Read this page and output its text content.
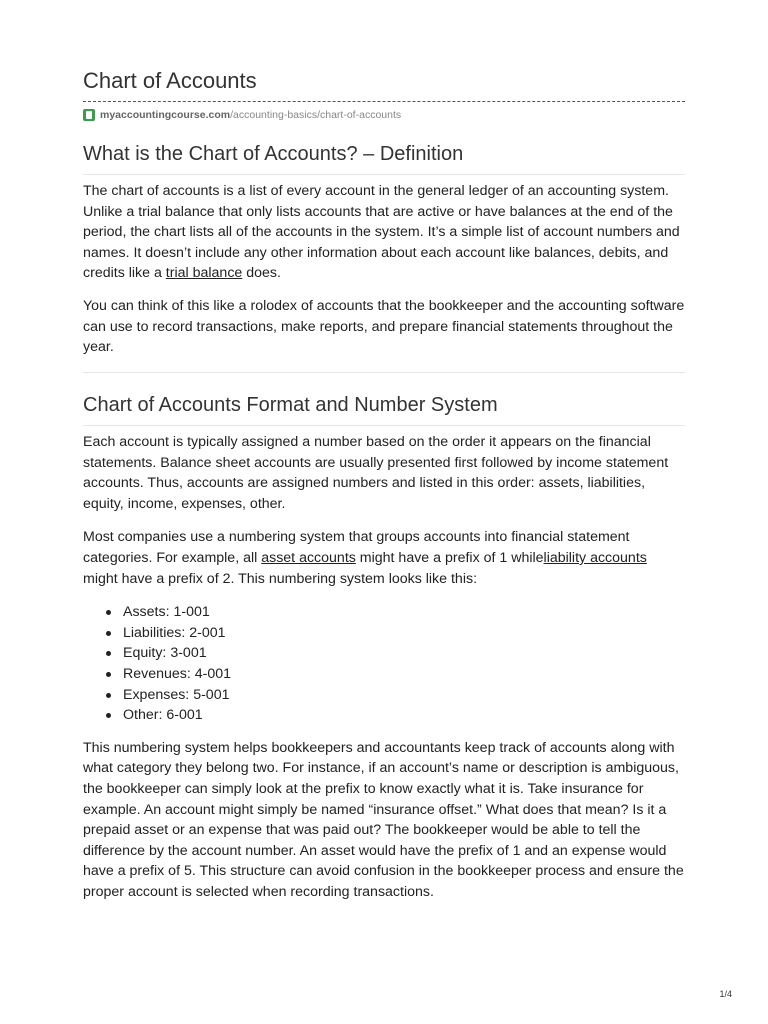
Chart of Accounts
myaccountingcourse.com /accounting-basics/chart-of-accounts
What is the Chart of Accounts? – Definition

The chart of accounts is a list of every account in the general ledger of an accounting system. Unlike a trial balance that only lists accounts that are active or have balances at the end of the period, the chart lists all of the accounts in the system. It’s a simple list of account numbers and names. It doesn’t include any other information about each account like balances, debits, and credits like a trial balance does.

You can think of this like a rolodex of accounts that the bookkeeper and the accounting software can use to record transactions, make reports, and prepare financial statements throughout the year.

Chart of Accounts Format and Number System

Each account is typically assigned a number based on the order it appears on the financial statements. Balance sheet accounts are usually presented first followed by income statement accounts. Thus, accounts are assigned numbers and listed in this order: assets, liabilities, equity, income, expenses, other.

Most companies use a numbering system that groups accounts into financial statement categories. For example, all asset accounts might have a prefix of 1 whileliability accounts might have a prefix of 2. This numbering system looks like this:

Assets: 1-001
Liabilities: 2-001
Equity: 3-001
Revenues: 4-001
Expenses: 5-001
Other: 6-001

This numbering system helps bookkeepers and accountants keep track of accounts along with what category they belong two. For instance, if an account’s name or description is ambiguous, the bookkeeper can simply look at the prefix to know exactly what it is. Take insurance for example. An account might simply be named “insurance offset.” What does that mean? Is it a prepaid asset or an expense that was paid out? The bookkeeper would be able to tell the difference by the account number. An asset would have the prefix of 1 and an expense would have a prefix of 5. This structure can avoid confusion in the bookkeeper process and ensure the proper account is selected when recording transactions.

1/4
